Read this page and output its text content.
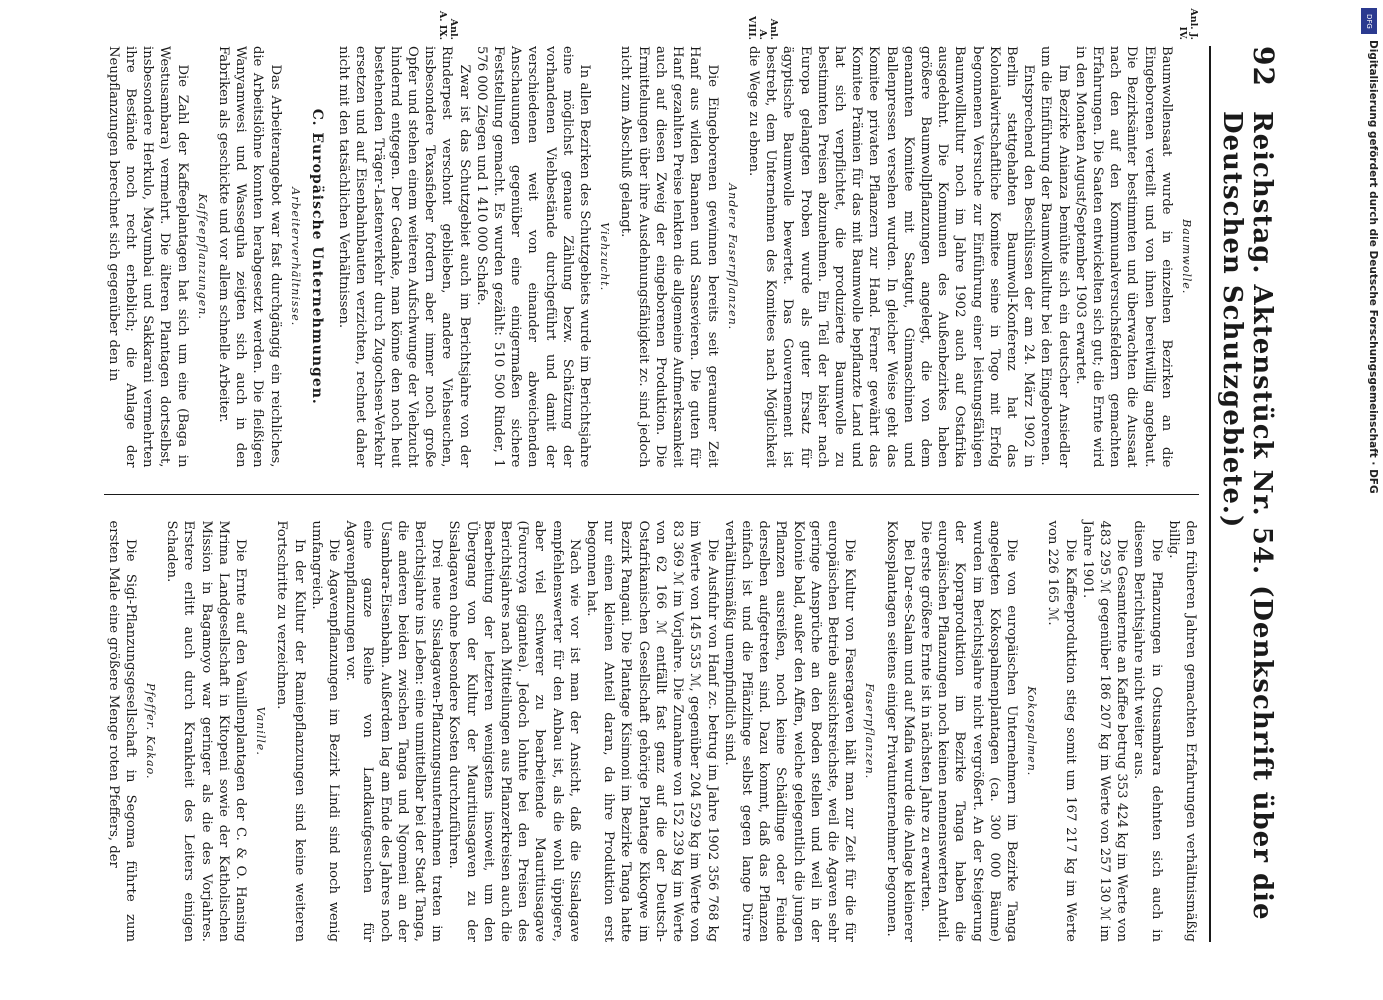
92
Reichstag. Aktenstück Nr. 54. (Denkschrift über die Deutschen Schutzgebiete.)
Anl. J. IV.
Anl. A. VIII.
Anl. A. IX.
Baumwolle.

Baumwollensaat wurde in einzelnen Bezirken an die Eingeborenen verteilt und von ihnen bereitwillig angebaut. Die Bezirksämter bestimmten und überwachten die Aussaat nach den auf den Kommunalversuchsfeldern gemachten Erfahrungen. Die Saaten entwickelten sich gut; die Ernte wird in den Monaten August/September 1903 erwartet.

Im Bezirke Anianza bemühte sich ein deutscher Ansiedler um die Einführung der Baumwollkultur bei den Eingeborenen.

Entsprechend den Beschlüssen der am 24. März 1902 in Berlin stattgehabten Baumwoll-Konferenz hat das Kolonialwirtschaftliche Komitee seine in Togo mit Erfolg begonnenen Versuche zur Einführung einer leistungsfähigen Baumwollkultur noch im Jahre 1902 auch auf Ostafrika ausgedehnt. Die Kommunen des Außenbezirkes haben größere Baumwollpflanzungen angelegt, die von dem genannten Komitee mit Saatgut, Ginmaschinen und Ballenpressen versehen wurden. In gleicher Weise geht das Komitee privaten Pflanzern zur Hand. Ferner gewährt das Komitee Prämien für das mit Baumwolle bepflanzte Land und hat sich verpflichtet, die produzierte Baumwolle zu bestimmten Preisen abzunehmen. Ein Teil der bisher nach Europa gelangten Proben wurde als guter Ersatz für ägyptische Baumwolle bewertet. Das Gouvernement ist bestrebt, dem Unternehmen des Komitees nach Möglichkeit die Wege zu ebnen.

Andere Faserpflanzen.

Die Eingeborenen gewinnen bereits seit geraumer Zeit Hanf aus wilden Bananen und Sansevieren. Die guten für Hanf gezahlten Preise lenkten die allgemeine Aufmerksamkeit auch auf diesen Zweig der eingeborenen Produktion. Die Ermittelungen über ihre Ausdehnungsfähigkeit zc. sind jedoch nicht zum Abschluß gelangt.

Viehzucht.

In allen Bezirken des Schutzgebiets wurde im Berichtsjahre eine möglichst genaue Zählung bezw. Schätzung der vorhandenen Viehbestände durchgeführt und damit der verschiedenen weit von einander abweichenden Anschauungen gegenüber eine einigermaßen sichere Feststellung gemacht. Es wurden gezählt: 510 500 Rinder, 1 576 000 Ziegen und 1 410 000 Schafe.

Zwar ist das Schutzgebiet auch im Berichtsjahre von der Rinderpest verschont geblieben, andere Viehseuchen, insbesondere Texasfieber fordern aber immer noch große Opfer und stehen einem weiteren Aufschwunge der Viehzucht hindernd entgegen. Der Gedanke, man könne den noch heut bestehenden Träger-Lastenverkehr durch Zugochsen-Verkehr ersetzen und auf Eisenbahnbauten verzichten, rechnet daher nicht mit den tatsächlichen Verhältnissen.

C. Europäische Unternehmungen.
Arbeiterverhältnisse.

Das Arbeiterangebot war fast durchgängig ein reichliches, die Arbeitslöhne konnten herabgesetzt werden. Die fleißigen Wanyamwesi und Wasseguha zeigten sich auch in den Fabriken als geschickte und vor allem schnelle Arbeiter.

Kaffeepflanzungen.

Die Zahl der Kaffeeplantagen hat sich um eine (Baga in Westusambara) vermehrt. Die älteren Plantagen dortselbst, insbesondere Herkulo, Mayumbai und Sakkarani vermehrten ihre Bestände noch recht erheblich; die Anlage der Neupflanzungen berechnet sich gegenüber den in

den früheren Jahren gemachten Erfahrungen verhältnismäßig billig.

Die Pflanzungen in Ostusambara dehnten sich auch in diesem Berichtsjahre nicht weiter aus.

Die Gesamternte an Kaffee betrug 353 424 kg im Werte von 483 295 ℳ gegenüber 186 207 kg im Werte von 257 130 ℳ im Jahre 1901.

Die Kaffeeproduktion stieg somit um 167 217 kg im Werte von 226 165 ℳ.

Kokospalmen.

Die von europäischen Unternehmern im Bezirke Tanga angelegten Kokospalmenplantagen (ca. 300 000 Bäume) wurden im Berichtsjahre nicht vergrößert. An der Steigerung der Kopraproduktion im Bezirke Tanga haben die europäischen Pflanzungen noch keinen nennenswerten Anteil. Die erste größere Ernte ist in nächsten Jahre zu erwarten.

Bei Dar-es-Salam und auf Mafia wurde die Anlage kleinerer Kokosplantagen seitens einiger Privatunternehmer begonnen.

Faserpflanzen.

Die Kultur von Faseragaven hält man zur Zeit für die für europäischen Betrieb aussichtsreichste, weil die Agaven sehr geringe Ansprüche an den Boden stellen und weil in der Kolonie bald, außer den Affen, welche gelegentlich die jungen Pflanzen ausreißen, noch keine Schädlinge oder Feinde derselben aufgetreten sind. Dazu kommt, daß das Pflanzen einfach ist und die Pflänzlinge selbst gegen lange Dürre verhältnismäßig unempfindlich sind.

Die Ausfuhr von Hanf zc. betrug im Jahre 1902 356 768 kg im Werte von 145 535 ℳ, gegenüber 204 529 kg im Werte von 83 369 ℳ im Vorjahre. Die Zunahme von 152 239 kg im Werte von 62 166 ℳ entfällt fast ganz auf die der Deutsch-Ostafrikanischen Gesellschaft gehörige Plantage Kikogwe im Bezirk Pangani. Die Plantage Kisimoni im Bezirke Tanga hatte nur einen kleinen Anteil daran, da ihre Produktion erst begonnen hat.

Nach wie vor ist man der Ansicht, daß die Sisalagave empfehlenswerter für den Anbau ist, als die wohl üppigere, aber viel schwerer zu bearbeitende Mauritiusagave (Fourcroya gigantea). Jedoch lohnte bei den Preisen des Berichtsjahres nach Mitteilungen aus Pflanzerkreisen auch die Bearbeitung der letzteren wenigstens insoweit, um den Übergang von der Kultur der Mauritiusagaven zu der Sisalagaven ohne besondere Kosten durchzuführen.

Drei neue Sisalagaven-Pflanzungsunternehmen traten im Berichtsjahre ins Leben: eine unmittelbar bei der Stadt Tanga, die anderen beiden zwischen Tanga und Ngomeni an der Usambara-Eisenbahn. Außerdem lag am Ende des Jahres noch eine ganze Reihe von Landkaufgesuchen für Agavenpflanzungen vor.

Die Agavenpflanzungen im Bezirk Lindi sind noch wenig umfangreich.

In der Kultur der Ramiepflanzungen sind keine weiteren Fortschritte zu verzeichnen.

Vanille.

Die Ernte auf den Vanillenplantagen der C. & O. Hansing Mrima Landgesellschaft in Kitopeni sowie der Katholischen Mission in Bagamoyo war geringer als die des Vorjahres. Erstere erlitt auch durch Krankheit des Leiters einigen Schaden.

Pfeffer. Kakao.

Die Sigi-Pflanzungsgesellschaft in Segoma führte zum ersten Male eine größere Menge roten Pfeffers, der

DFG
Digitalisierung gefördert durch die Deutsche Forschungsgemeinschaft · DFG
